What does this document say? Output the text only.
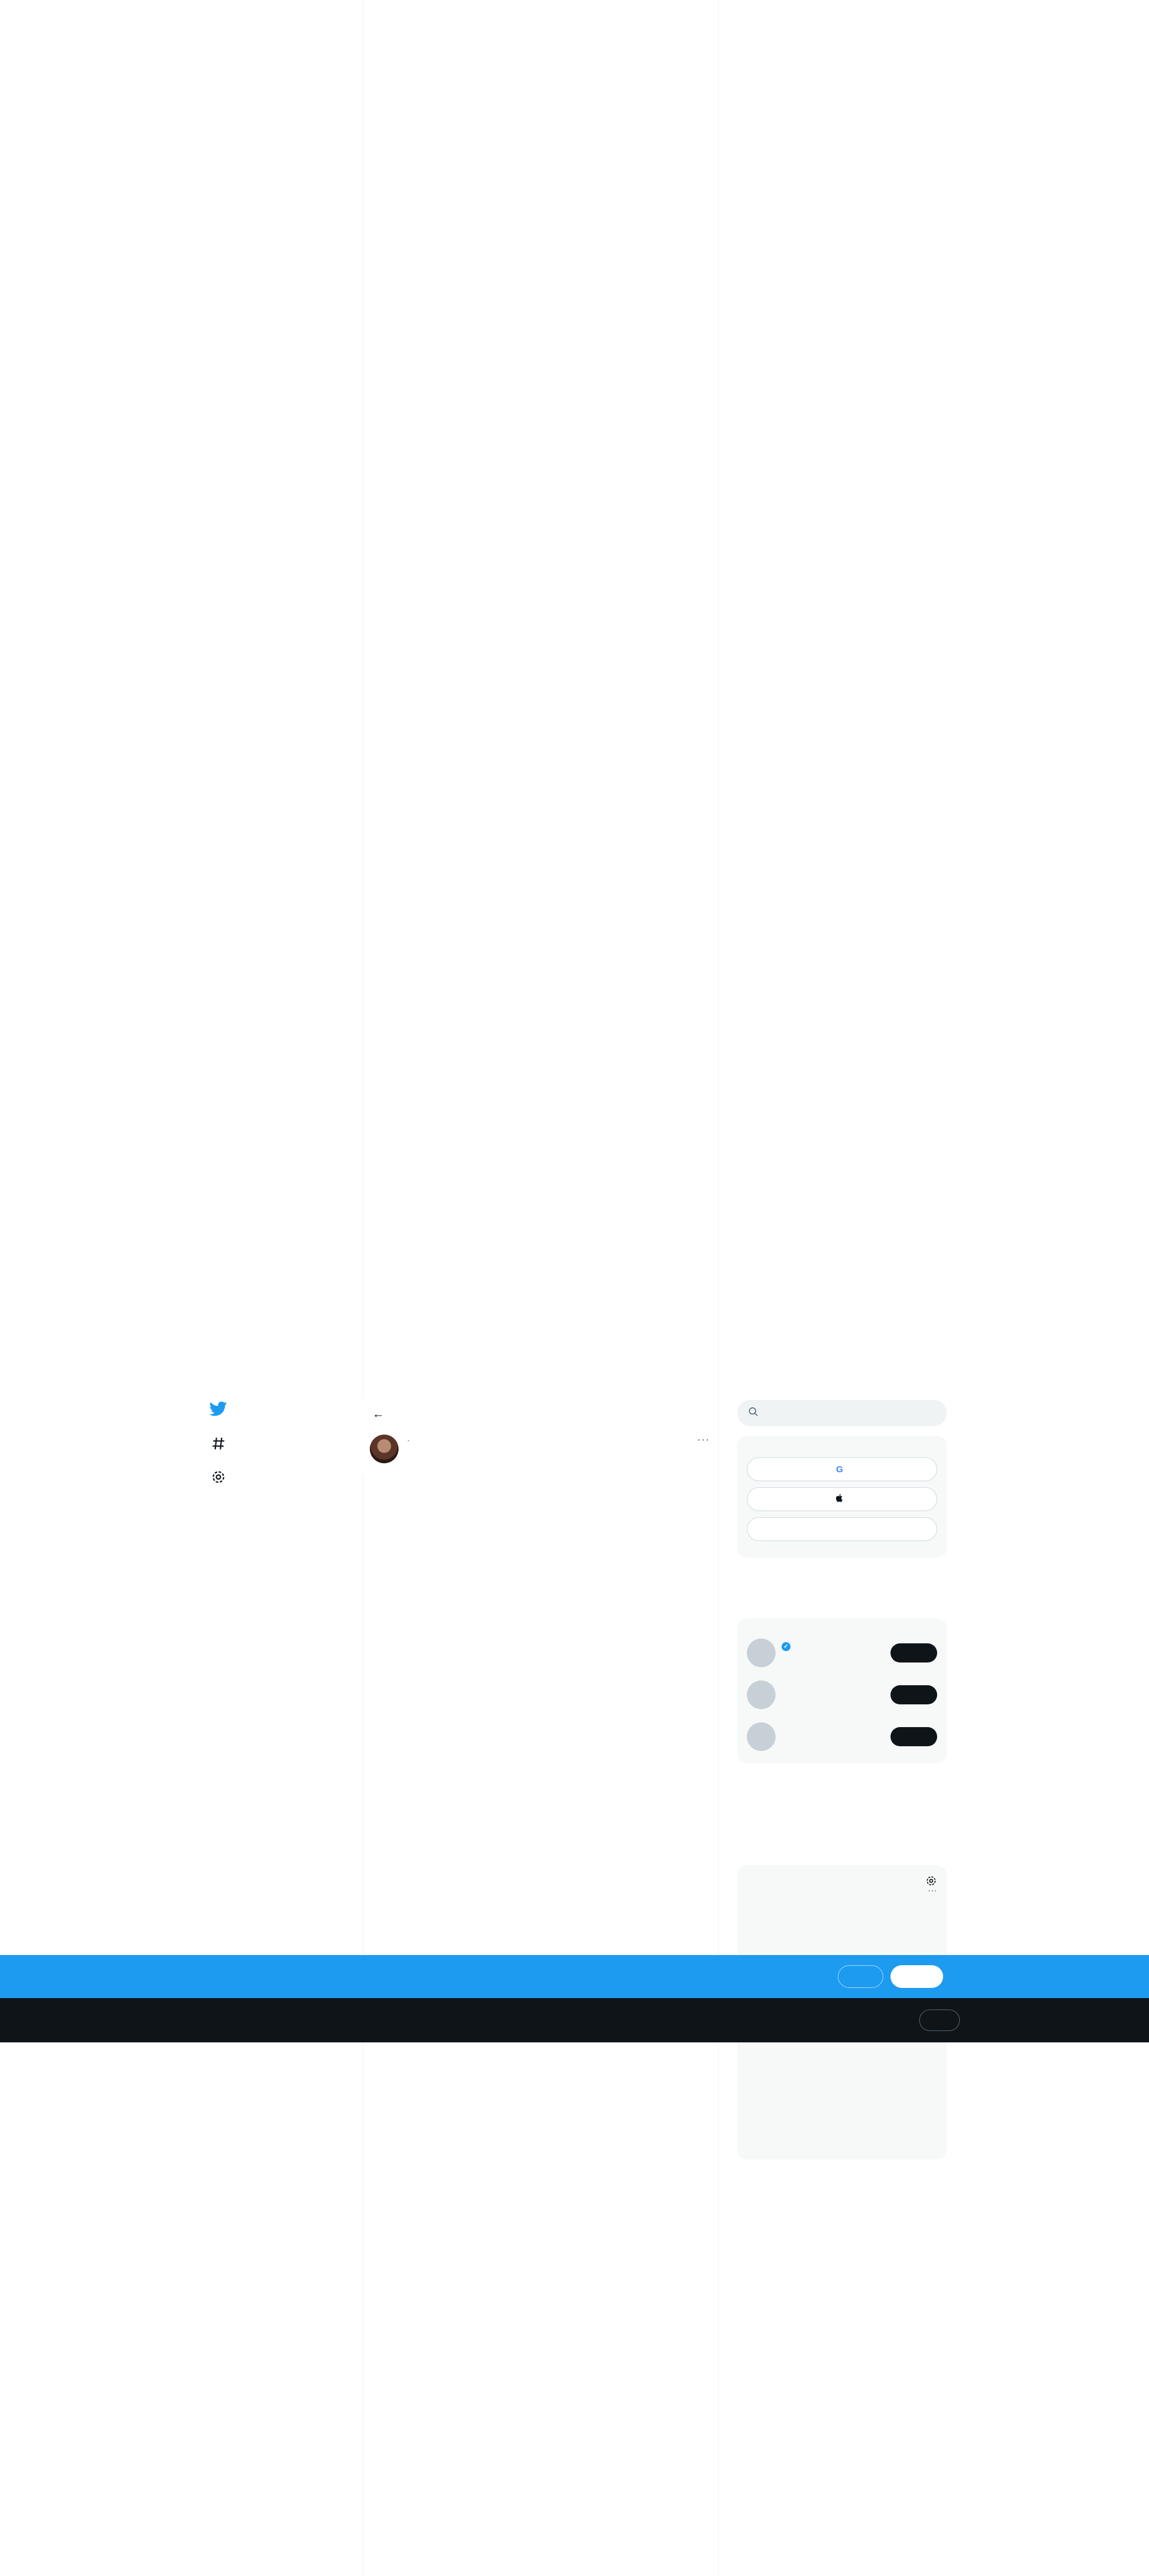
←
···
·
G
✓
···
